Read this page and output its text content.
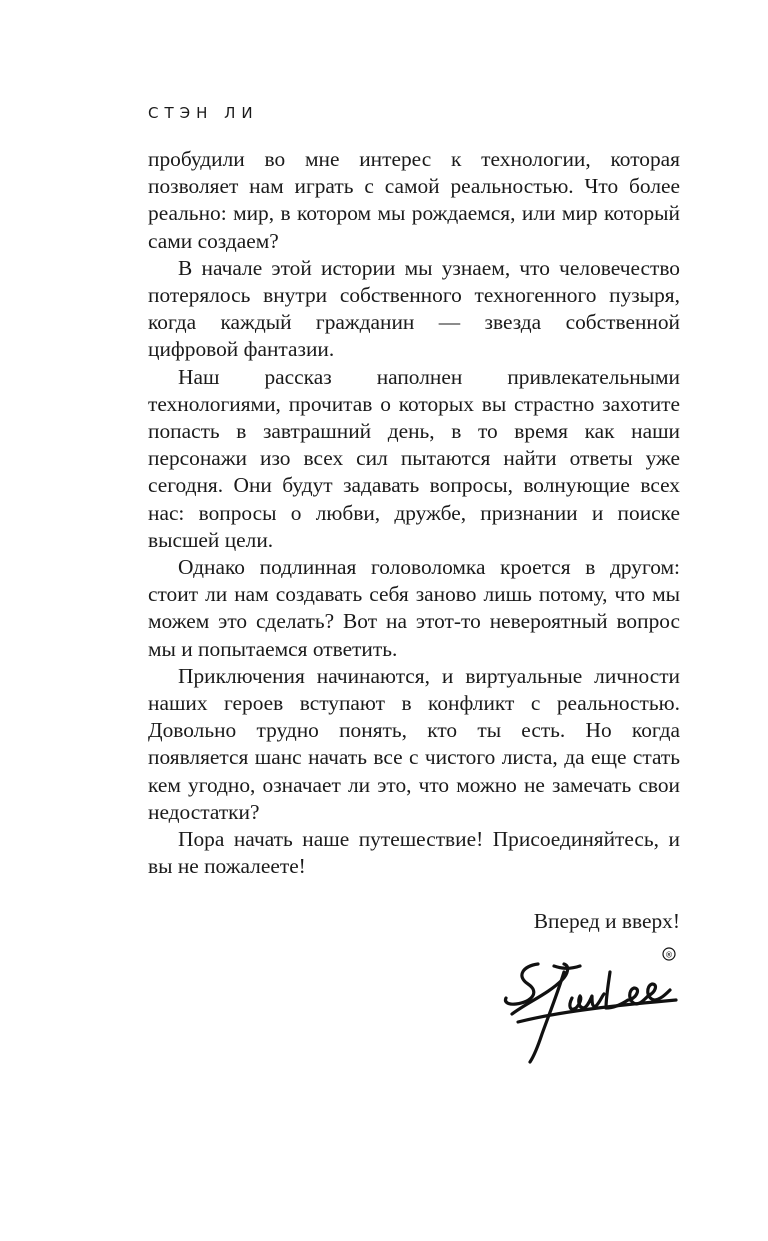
СТЭН ЛИ

пробудили во мне интерес к технологии, которая позволяет нам играть с самой реальностью. Что более реально: мир, в котором мы рождаемся, или мир который сами создаем?

В начале этой истории мы узнаем, что человечество потерялось внутри собственного техногенного пузыря, когда каждый гражданин — звезда собственной цифровой фантазии.

Наш рассказ наполнен привлекательными технологиями, прочитав о которых вы страстно захотите попасть в завтрашний день, в то время как наши персонажи изо всех сил пытаются найти ответы уже сегодня. Они будут задавать вопросы, волнующие всех нас: вопросы о любви, дружбе, признании и поиске высшей цели.

Однако подлинная головоломка кроется в другом: стоит ли нам создавать себя заново лишь потому, что мы можем это сделать? Вот на этот-то невероятный вопрос мы и попытаемся ответить.

Приключения начинаются, и виртуальные личности наших героев вступают в конфликт с реальностью. Довольно трудно понять, кто ты есть. Но когда появляется шанс начать все с чистого листа, да еще стать кем угодно, означает ли это, что можно не замечать свои недостатки?

Пора начать наше путешествие! Присоединяйтесь, и вы не пожалеете!

Вперед и вверх!
®
